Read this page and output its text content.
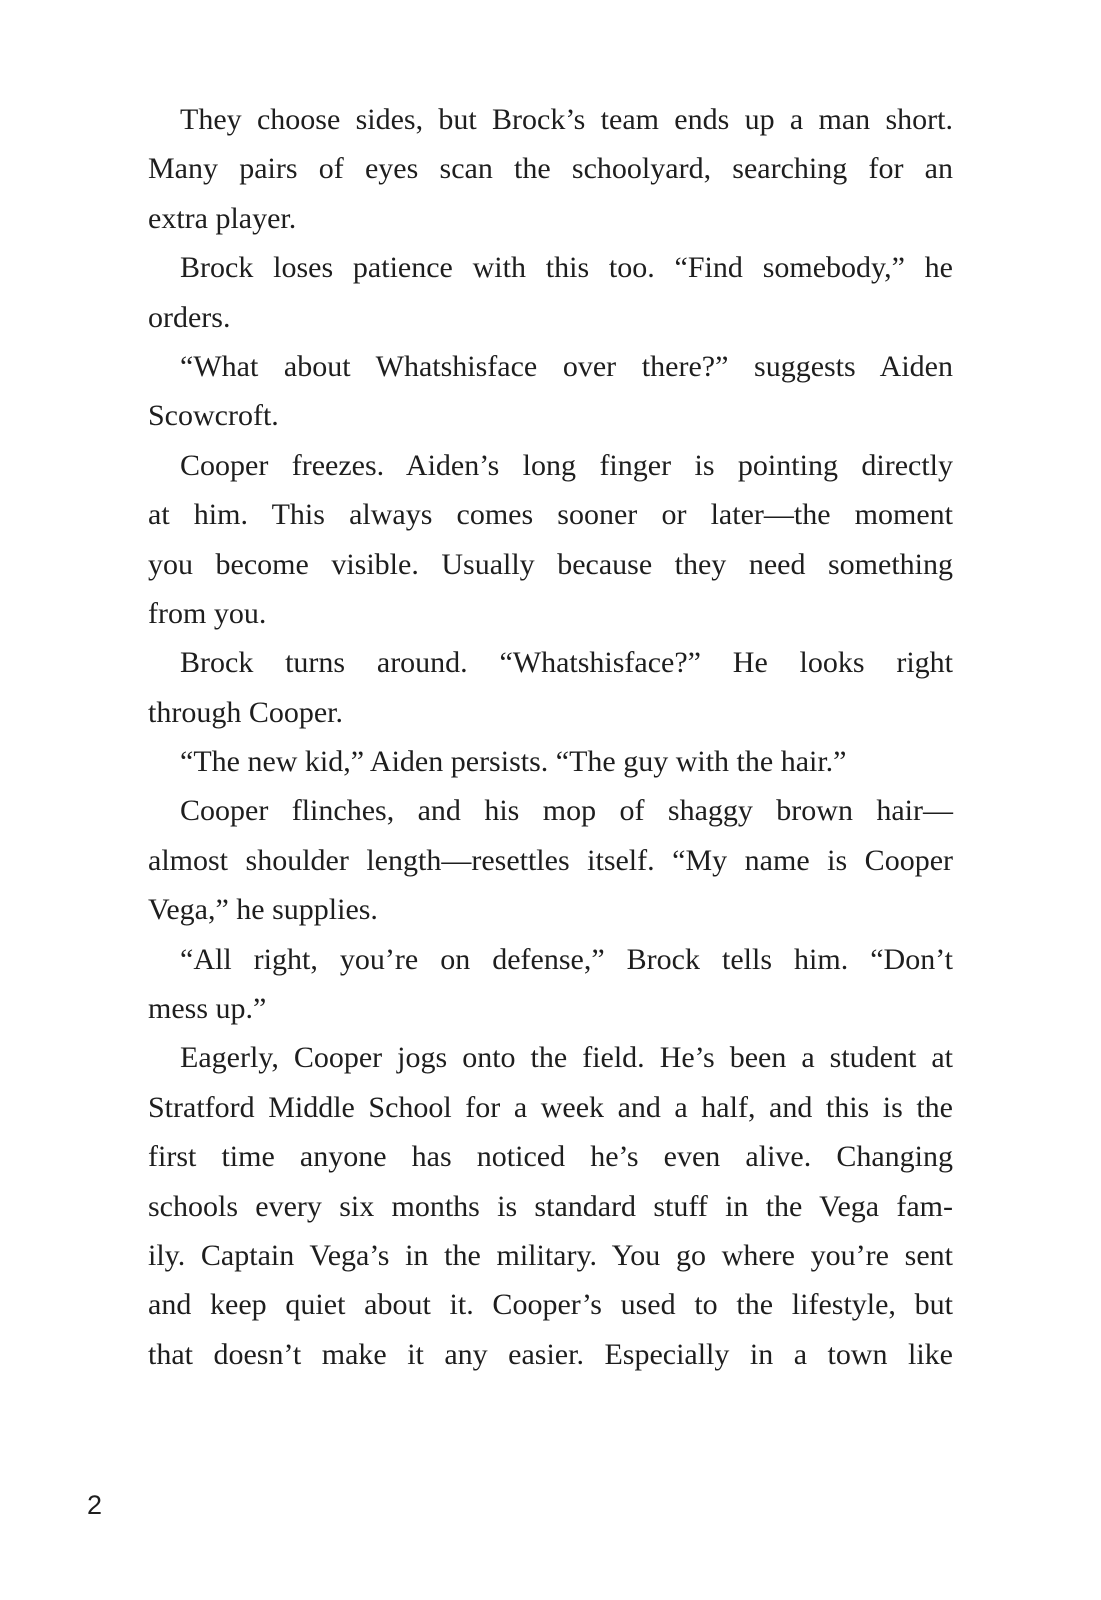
They choose sides, but Brock’s team ends up a man short.
Many pairs of eyes scan the schoolyard, searching for an
extra player.
Brock loses patience with this too. “Find somebody,” he
orders.
“What about Whatshisface over there?” suggests Aiden
Scowcroft.
Cooper freezes. Aiden’s long finger is pointing directly
at him. This always comes sooner or later—the moment
you become visible. Usually because they need something
from you.
Brock turns around. “Whatshisface?” He looks right
through Cooper.
“The new kid,” Aiden persists. “The guy with the hair.”
Cooper flinches, and his mop of shaggy brown hair—
almost shoulder length—resettles itself. “My name is Cooper
Vega,” he supplies.
“All right, you’re on defense,” Brock tells him. “Don’t
mess up.”
Eagerly, Cooper jogs onto the field. He’s been a student at
Stratford Middle School for a week and a half, and this is the
first time anyone has noticed he’s even alive. Changing
schools every six months is standard stuff in the Vega fam-
ily. Captain Vega’s in the military. You go where you’re sent
and keep quiet about it. Cooper’s used to the lifestyle, but
that doesn’t make it any easier. Especially in a town like
2
